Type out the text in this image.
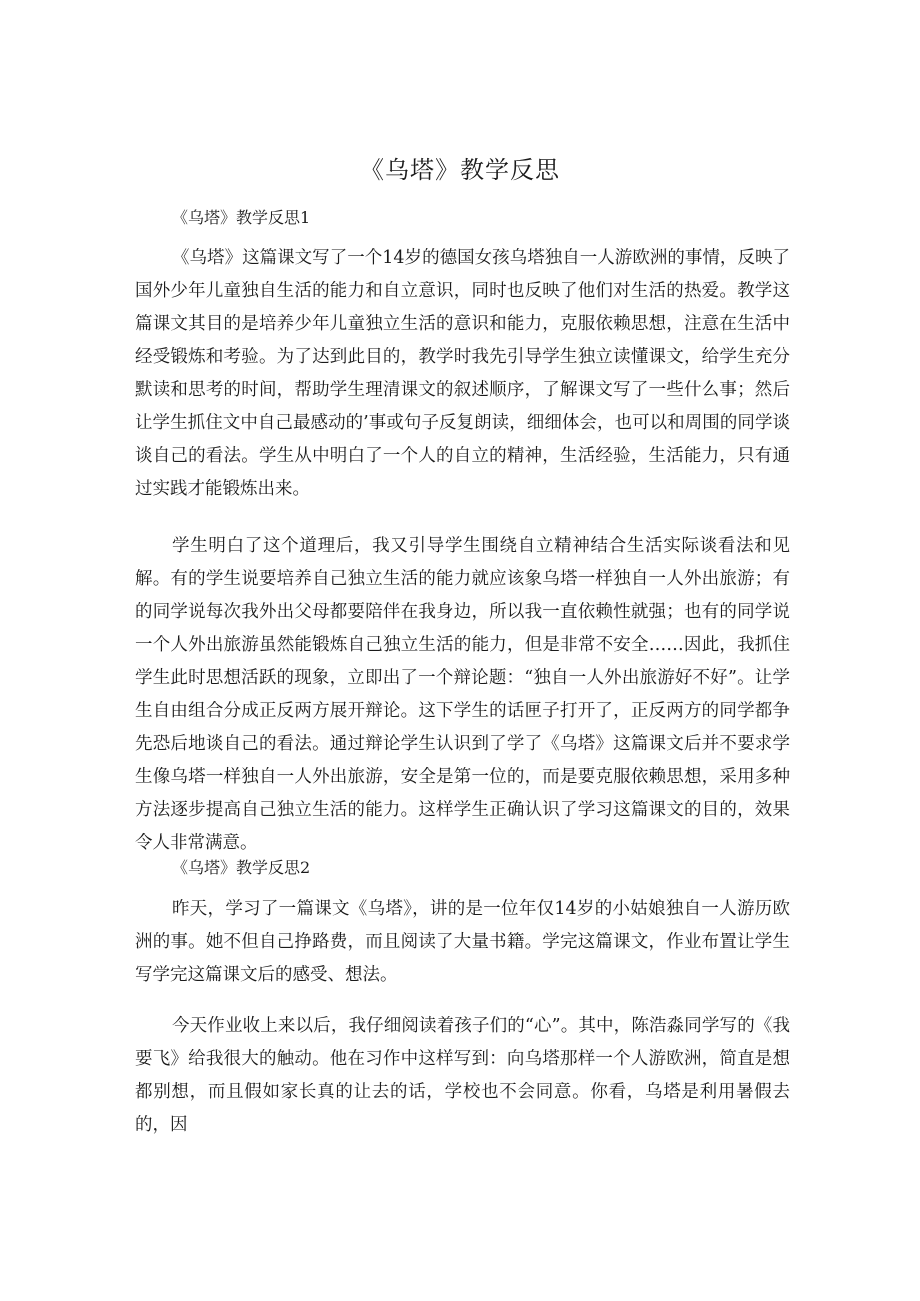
《乌塔》教学反思
《乌塔》教学反思1

《乌塔》这篇课文写了一个14岁的德国女孩乌塔独自一人游欧洲的事情，反映了国外少年儿童独自生活的能力和自立意识，同时也反映了他们对生活的热爱。教学这篇课文其目的是培养少年儿童独立生活的意识和能力，克服依赖思想，注意在生活中经受锻炼和考验。为了达到此目的，教学时我先引导学生独立读懂课文，给学生充分默读和思考的时间，帮助学生理清课文的叙述顺序，了解课文写了一些什么事；然后让学生抓住文中自己最感动的’事或句子反复朗读，细细体会，也可以和周围的同学谈谈自己的看法。学生从中明白了一个人的自立的精神，生活经验，生活能力，只有通过实践才能锻炼出来。

学生明白了这个道理后，我又引导学生围绕自立精神结合生活实际谈看法和见解。有的学生说要培养自己独立生活的能力就应该象乌塔一样独自一人外出旅游；有的同学说每次我外出父母都要陪伴在我身边，所以我一直依赖性就强；也有的同学说一个人外出旅游虽然能锻炼自己独立生活的能力，但是非常不安全……因此，我抓住学生此时思想活跃的现象，立即出了一个辩论题：“独自一人外出旅游好不好”。让学生自由组合分成正反两方展开辩论。这下学生的话匣子打开了，正反两方的同学都争先恐后地谈自己的看法。通过辩论学生认识到了学了《乌塔》这篇课文后并不要求学生像乌塔一样独自一人外出旅游，安全是第一位的，而是要克服依赖思想，采用多种方法逐步提高自己独立生活的能力。这样学生正确认识了学习这篇课文的目的，效果令人非常满意。

《乌塔》教学反思2

昨天，学习了一篇课文《乌塔》，讲的是一位年仅14岁的小姑娘独自一人游历欧洲的事。她不但自己挣路费，而且阅读了大量书籍。学完这篇课文，作业布置让学生写学完这篇课文后的感受、想法。

今天作业收上来以后，我仔细阅读着孩子们的“心”。其中，陈浩淼同学写的《我要飞》给我很大的触动。他在习作中这样写到：向乌塔那样一个人游欧洲，简直是想都别想，而且假如家长真的让去的话，学校也不会同意。你看，乌塔是利用暑假去的，因
